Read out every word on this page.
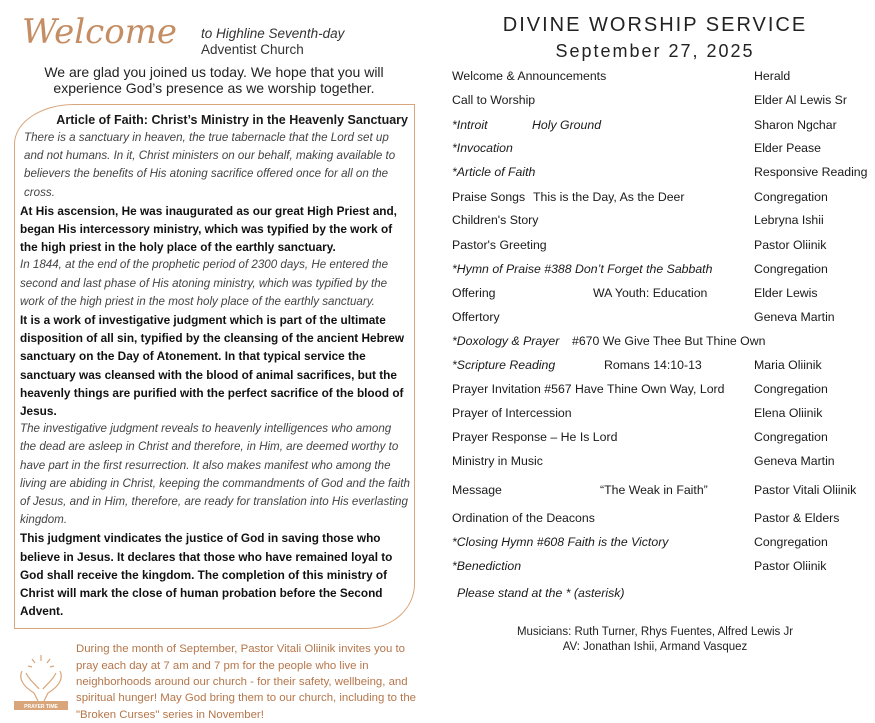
Welcome to Highline Seventh-day
Adventist Church
We are glad you joined us today. We hope that you will experience God’s presence as we worship together.
Article of Faith: Christ’s Ministry in the Heavenly Sanctuary
There is a sanctuary in heaven, the true tabernacle that the Lord set up and not humans. In it, Christ ministers on our behalf, making available to believers the benefits of His atoning sacrifice offered once for all on the cross.
At His ascension, He was inaugurated as our great High Priest and, began His intercessory ministry, which was typified by the work of the high priest in the holy place of the earthly sanctuary.
In 1844, at the end of the prophetic period of 2300 days, He entered the second and last phase of His atoning ministry, which was typified by the work of the high priest in the most holy place of the earthly sanctuary.
It is a work of investigative judgment which is part of the ultimate disposition of all sin, typified by the cleansing of the ancient Hebrew sanctuary on the Day of Atonement. In that typical service the sanctuary was cleansed with the blood of animal sacrifices, but the heavenly things are purified with the perfect sacrifice of the blood of Jesus.
The investigative judgment reveals to heavenly intelligences who among the dead are asleep in Christ and therefore, in Him, are deemed worthy to have part in the first resurrection. It also makes manifest who among the living are abiding in Christ, keeping the commandments of God and the faith of Jesus, and in Him, therefore, are ready for translation into His everlasting kingdom.
This judgment vindicates the justice of God in saving those who believe in Jesus. It declares that those who have remained loyal to God shall receive the kingdom. The completion of this ministry of Christ will mark the close of human probation before the Second Advent.
PRAYER TIME
During the month of September, Pastor Vitali Oliinik invites you to pray each day at 7 am and 7 pm for the people who live in neighborhoods around our church - for their safety, wellbeing, and spiritual hunger! May God bring them to our church, including to the "Broken Curses" series in November!
DIVINE WORSHIP SERVICE
September 27, 2025
Welcome & Announcements	Herald
Call to Worship	Elder Al Lewis Sr
*Introit	Holy Ground	Sharon Ngchar
*Invocation	Elder Pease
*Article of Faith	Responsive Reading
Praise Songs This is the Day, As the Deer	Congregation
Children's Story	Lebryna Ishii
Pastor's Greeting	Pastor Oliinik
*Hymn of Praise #388 Don’t Forget the Sabbath	Congregation
Offering	WA Youth: Education	Elder Lewis
Offertory	Geneva Martin
*Doxology & Prayer #670 We Give Thee But Thine Own
*Scripture Reading	Romans 14:10-13	Maria Oliinik
Prayer Invitation #567 Have Thine Own Way, Lord	Congregation
Prayer of Intercession	Elena Oliinik
Prayer Response – He Is Lord	Congregation
Ministry in Music	Geneva Martin
Message	“The Weak in Faith”	Pastor Vitali Oliinik
Ordination of the Deacons	Pastor & Elders
*Closing Hymn #608 Faith is the Victory	Congregation
*Benediction	Pastor Oliinik
Please stand at the * (asterisk)
Musicians: Ruth Turner, Rhys Fuentes, Alfred Lewis Jr
AV: Jonathan Ishii, Armand Vasquez
